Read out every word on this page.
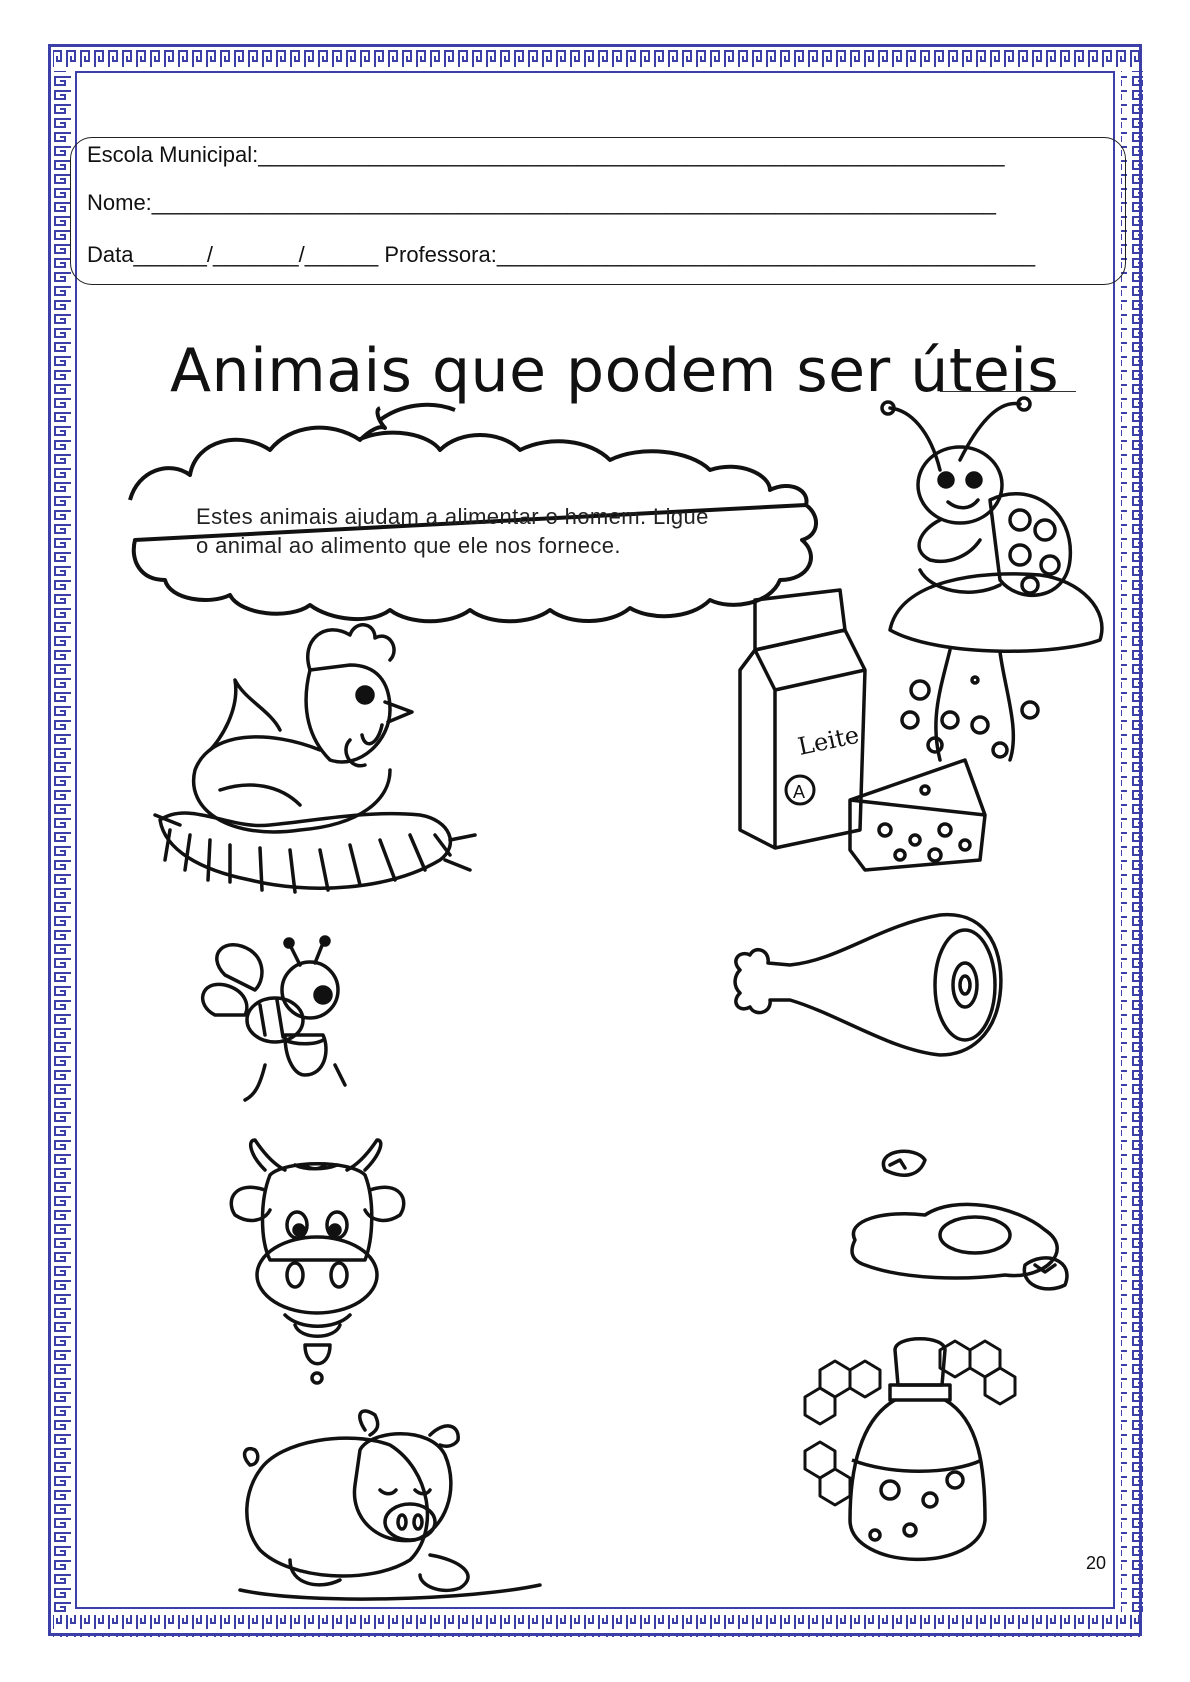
Escola Municipal:_____________________________________________________________
Nome:_____________________________________________________________________
Data______/_______/______ Professora:____________________________________________
Animais que podem ser úteis
Estes animais ajudam a alimentar o homem. Ligue
o animal ao alimento que ele nos fornece.
Leite
A
20
